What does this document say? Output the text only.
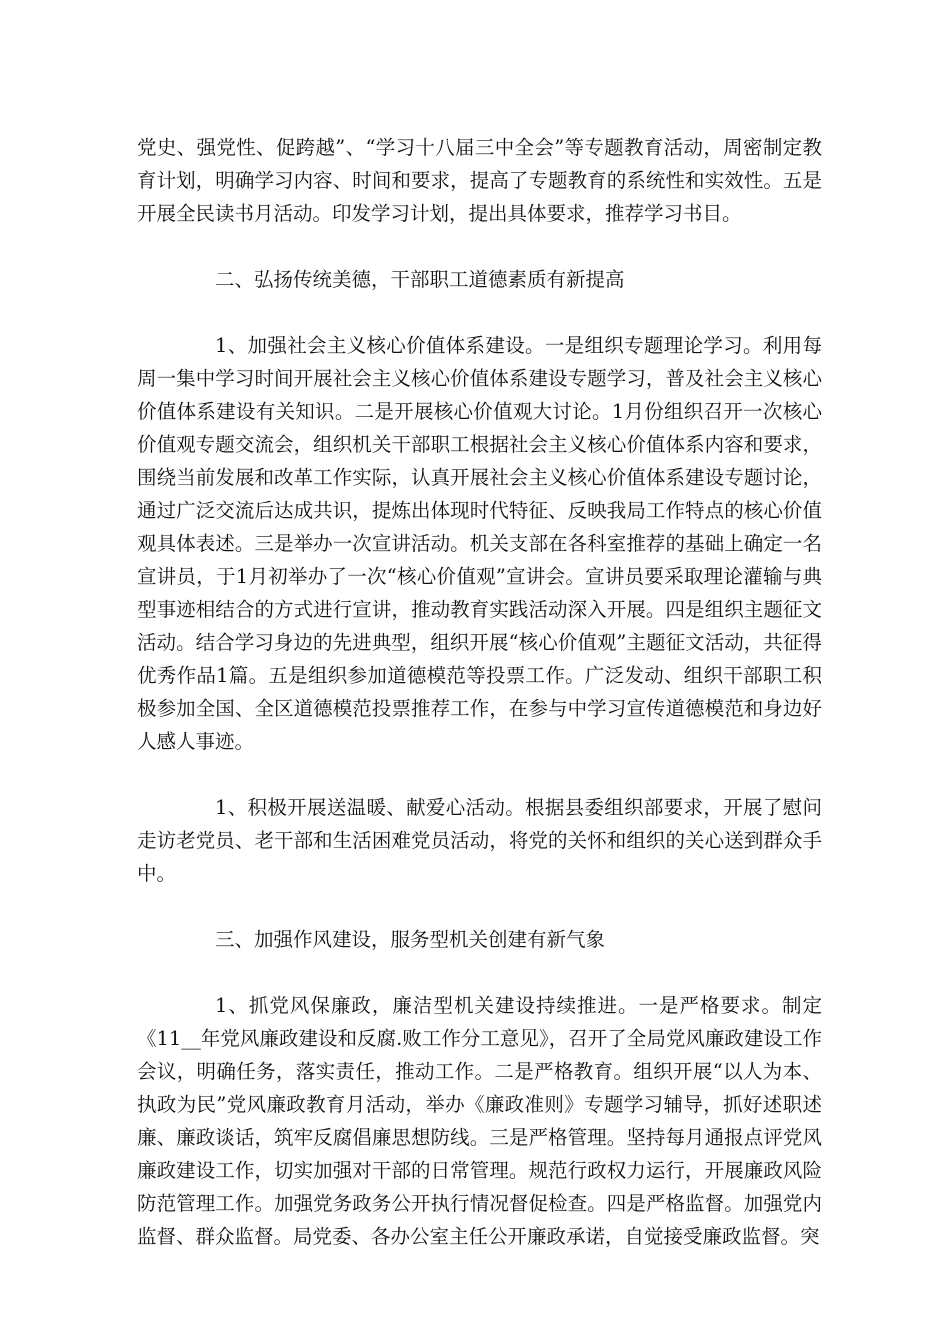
党史、强党性、促跨越”、“学习十八届三中全会”等专题教育活动，周密制定教育计划，明确学习内容、时间和要求，提高了专题教育的系统性和实效性。五是开展全民读书月活动。印发学习计划，提出具体要求，推荐学习书目。

二、弘扬传统美德，干部职工道德素质有新提高

1、加强社会主义核心价值体系建设。一是组织专题理论学习。利用每周一集中学习时间开展社会主义核心价值体系建设专题学习，普及社会主义核心价值体系建设有关知识。二是开展核心价值观大讨论。1月份组织召开一次核心价值观专题交流会，组织机关干部职工根据社会主义核心价值体系内容和要求，围绕当前发展和改革工作实际，认真开展社会主义核心价值体系建设专题讨论，通过广泛交流后达成共识，提炼出体现时代特征、反映我局工作特点的核心价值观具体表述。三是举办一次宣讲活动。机关支部在各科室推荐的基础上确定一名宣讲员，于1月初举办了一次“核心价值观”宣讲会。宣讲员要采取理论灌输与典型事迹相结合的方式进行宣讲，推动教育实践活动深入开展。四是组织主题征文活动。结合学习身边的先进典型，组织开展“核心价值观”主题征文活动，共征得优秀作品1篇。五是组织参加道德模范等投票工作。广泛发动、组织干部职工积极参加全国、全区道德模范投票推荐工作，在参与中学习宣传道德模范和身边好人感人事迹。

1、积极开展送温暖、献爱心活动。根据县委组织部要求，开展了慰问走访老党员、老干部和生活困难党员活动，将党的关怀和组织的关心送到群众手中。

三、加强作风建设，服务型机关创建有新气象

1、抓党风保廉政，廉洁型机关建设持续推进。一是严格要求。制定《11__年党风廉政建设和反腐.败工作分工意见》，召开了全局党风廉政建设工作会议，明确任务，落实责任，推动工作。二是严格教育。组织开展“以人为本、执政为民”党风廉政教育月活动，举办《廉政准则》专题学习辅导，抓好述职述廉、廉政谈话，筑牢反腐倡廉思想防线。三是严格管理。坚持每月通报点评党风廉政建设工作，切实加强对干部的日常管理。规范行政权力运行，开展廉政风险防范管理工作。加强党务政务公开执行情况督促检查。四是严格监督。加强党内监督、群众监督。局党委、各办公室主任公开廉政承诺，自觉接受廉政监督。突
